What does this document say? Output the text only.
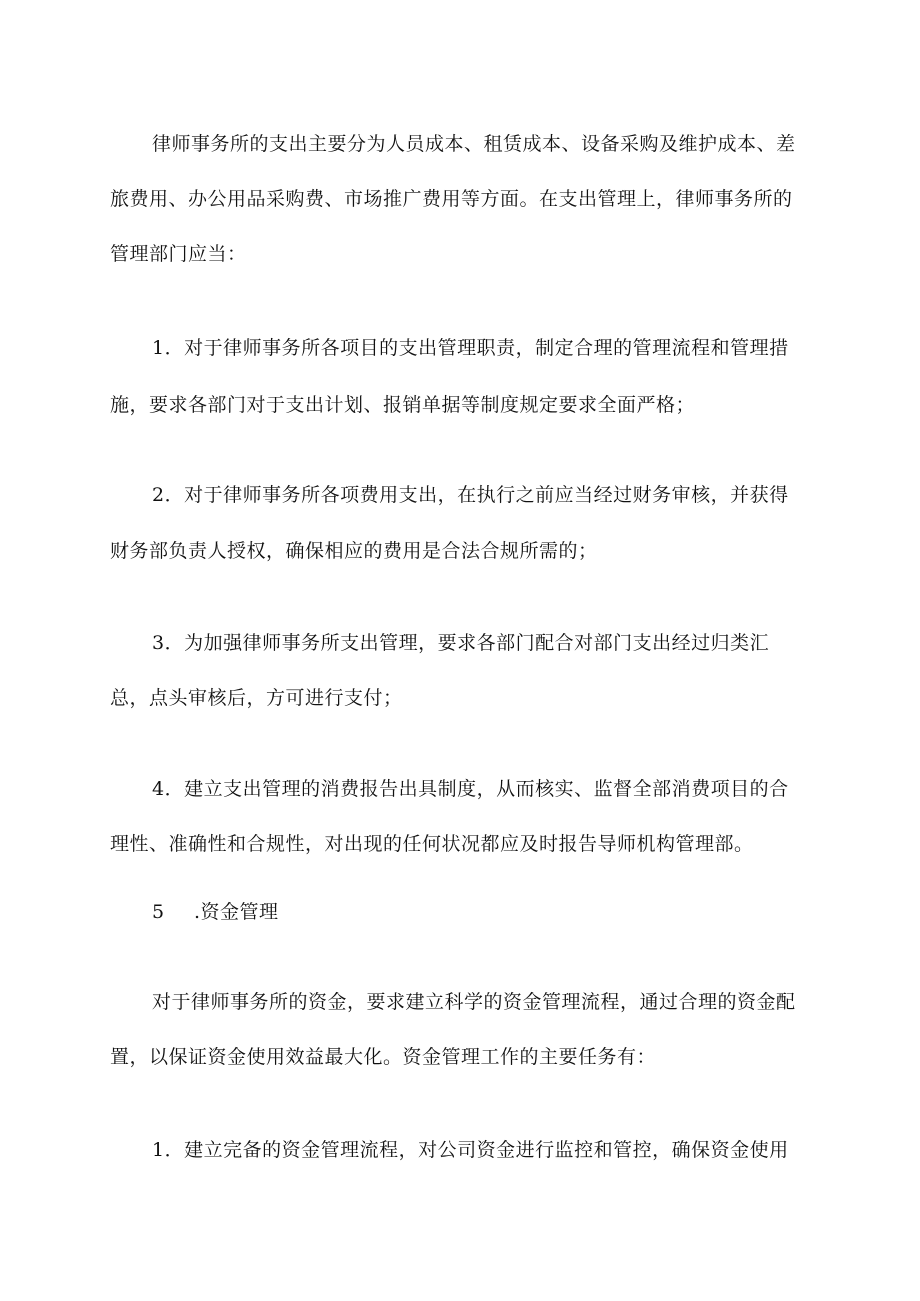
律师事务所的支出主要分为人员成本、租赁成本、设备采购及维护成本、差
旅费用、办公用品采购费、市场推广费用等方面。在支出管理上，律师事务所的
管理部门应当：
1．对于律师事务所各项目的支出管理职责，制定合理的管理流程和管理措
施，要求各部门对于支出计划、报销单据等制度规定要求全面严格；
2．对于律师事务所各项费用支出，在执行之前应当经过财务审核，并获得
财务部负责人授权，确保相应的费用是合法合规所需的；
3．为加强律师事务所支出管理，要求各部门配合对部门支出经过归类汇
总，点头审核后，方可进行支付；
4．建立支出管理的消费报告出具制度，从而核实、监督全部消费项目的合
理性、准确性和合规性，对出现的任何状况都应及时报告导师机构管理部。
5 .资金管理
对于律师事务所的资金，要求建立科学的资金管理流程，通过合理的资金配
置，以保证资金使用效益最大化。资金管理工作的主要任务有：
1．建立完备的资金管理流程，对公司资金进行监控和管控，确保资金使用
